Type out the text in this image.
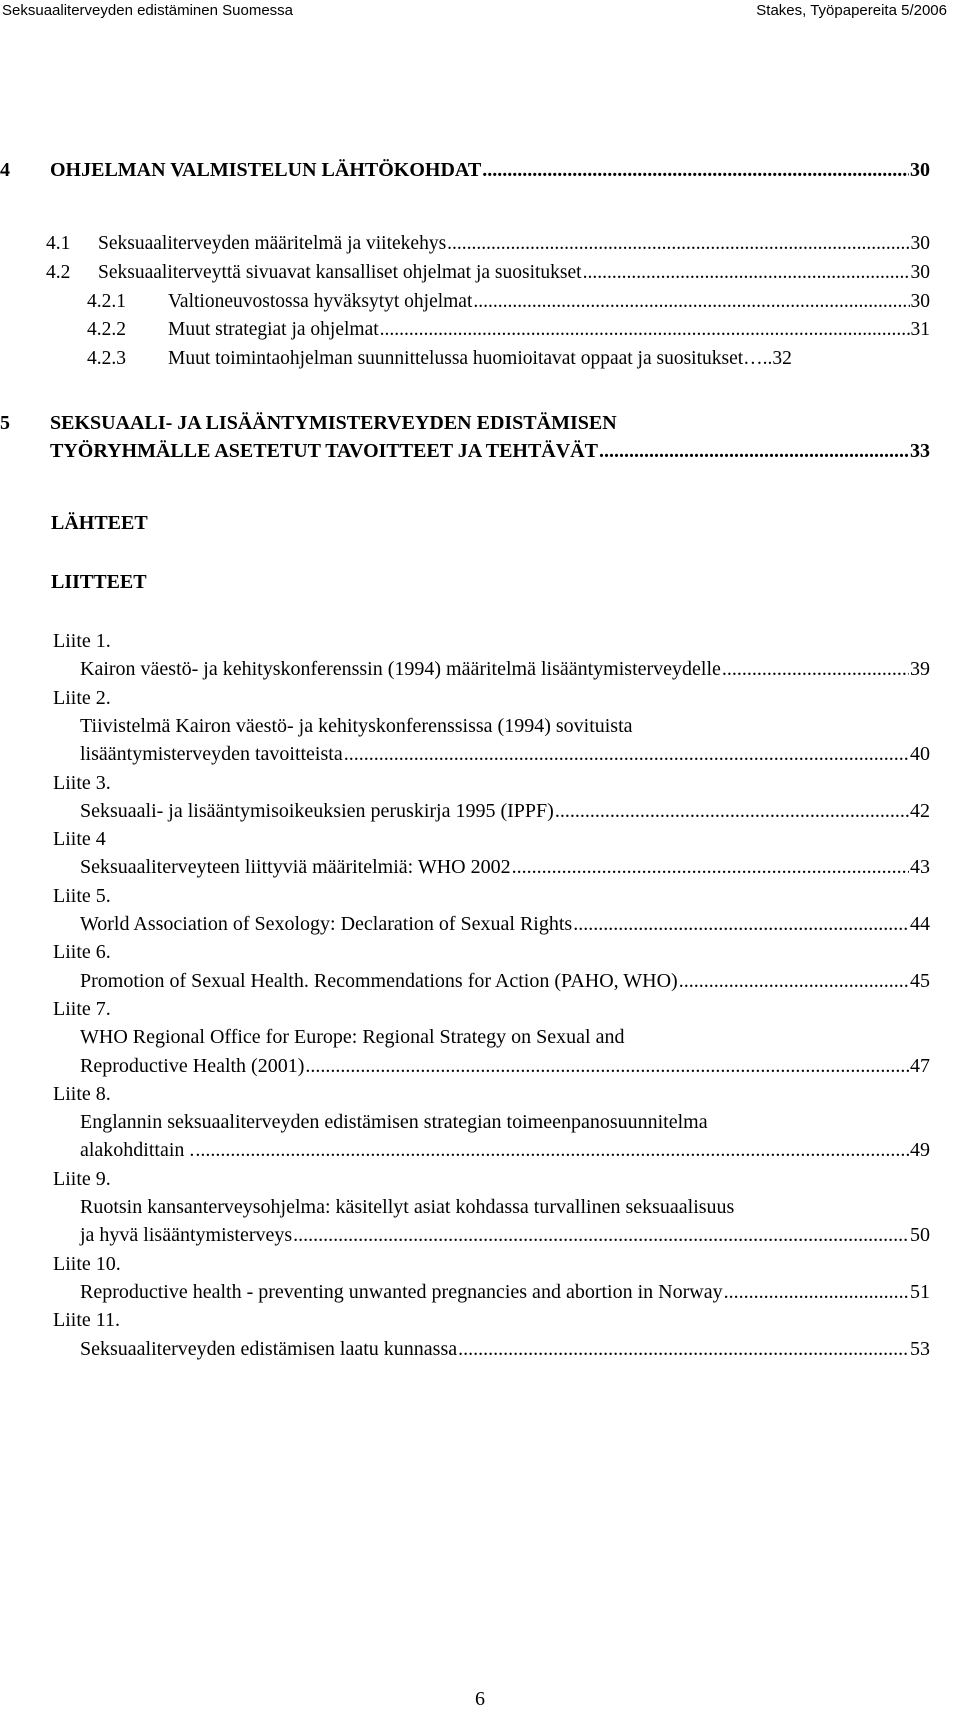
Seksuaaliterveyden edistäminen Suomessa	Stakes, Työpapereita 5/2006
4 OHJELMAN VALMISTELUN LÄHTÖKOHDAT .....	30
4.1 Seksuaaliterveyden määritelmä ja viitekehys .....	30
4.2 Seksuaaliterveyttä sivuavat kansalliset ohjelmat ja suositukset .....	30
4.2.1 Valtioneuvostossa hyväksytyt ohjelmat .....	30
4.2.2 Muut strategiat ja ohjelmat .....	31
4.2.3 Muut toimintaohjelman suunnittelussa huomioitavat oppaat ja suositukset…..32
5 SEKSUAALI- JA LISÄÄNTYMISTERVEYDEN EDISTÄMISEN
TYÖRYHMÄLLE ASETETUT TAVOITTEET JA TEHTÄVÄT .....	33
LÄHTEET
LIITTEET
Liite 1.
Kairon väestö- ja kehityskonferenssin (1994) määritelmä lisääntymisterveydelle .....	39
Liite 2.
Tiivistelmä Kairon väestö- ja kehityskonferenssissa (1994) sovituista
lisääntymisterveyden tavoitteista .....	40
Liite 3.
Seksuaali- ja lisääntymisoikeuksien peruskirja 1995 (IPPF) .....	42
Liite 4
Seksuaaliterveyteen liittyviä määritelmiä: WHO 2002 .....	43
Liite 5.
World Association of Sexology: Declaration of Sexual Rights .....	44
Liite 6.
Promotion of Sexual Health. Recommendations for Action (PAHO, WHO) .....	45
Liite 7.
WHO Regional Office for Europe: Regional Strategy on Sexual and
Reproductive Health (2001) .....	47
Liite 8.
Englannin seksuaaliterveyden edistämisen strategian toimeenpanosuunnitelma
alakohdittain . .....	49
Liite 9.
Ruotsin kansanterveysohjelma: käsitellyt asiat kohdassa turvallinen seksuaalisuus
ja hyvä lisääntymisterveys .....	50
Liite 10.
Reproductive health - preventing unwanted pregnancies and abortion in Norway .....	51
Liite 11.
Seksuaaliterveyden edistämisen laatu kunnassa .....	53
6
